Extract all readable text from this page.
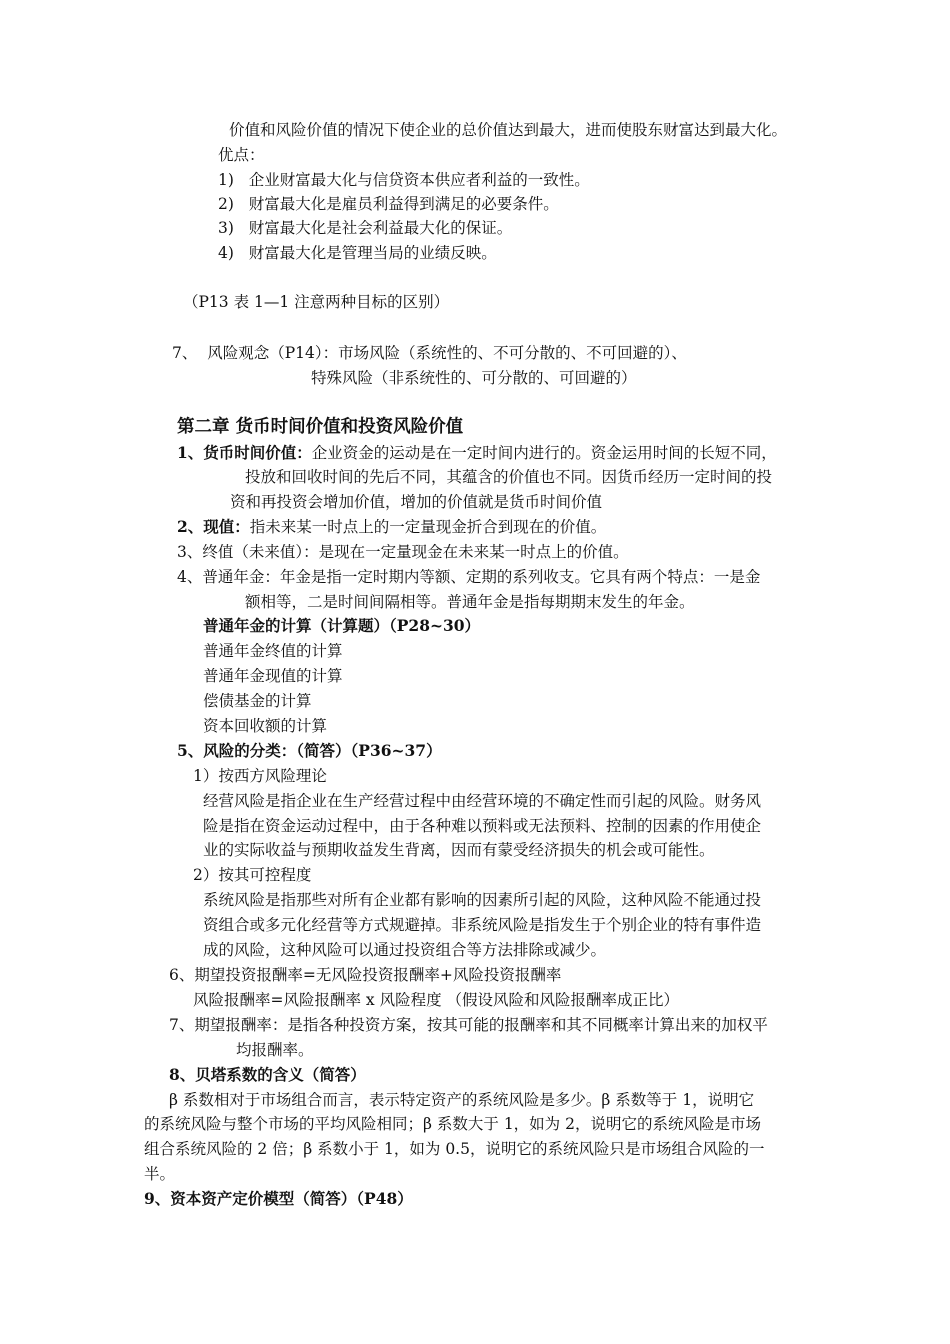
价值和风险价值的情况下使企业的总价值达到最大，进而使股东财富达到最大化。
优点：
1)   企业财富最大化与信贷资本供应者利益的一致性。
2)   财富最大化是雇员利益得到满足的必要条件。
3)   财富最大化是社会利益最大化的保证。
4)   财富最大化是管理当局的业绩反映。
（P13 表 1—1 注意两种目标的区别）
7、  风险观念（P14）：市场风险（系统性的、不可分散的、不可回避的）、
特殊风险（非系统性的、可分散的、可回避的）
第二章 货币时间价值和投资风险价值
1、货币时间价值：企业资金的运动是在一定时间内进行的。资金运用时间的长短不同，
投放和回收时间的先后不同，其蕴含的价值也不同。因货币经历一定时间的投
资和再投资会增加价值，增加的价值就是货币时间价值
2、现值：指未来某一时点上的一定量现金折合到现在的价值。
3、终值（未来值）：是现在一定量现金在未来某一时点上的价值。
4、普通年金：年金是指一定时期内等额、定期的系列收支。它具有两个特点：一是金
额相等，二是时间间隔相等。普通年金是指每期期末发生的年金。
普通年金的计算（计算题）（P28~30）
普通年金终值的计算
普通年金现值的计算
偿债基金的计算
资本回收额的计算
5、风险的分类：（简答）（P36~37）
1）按西方风险理论
经营风险是指企业在生产经营过程中由经营环境的不确定性而引起的风险。财务风
险是指在资金运动过程中，由于各种难以预料或无法预料、控制的因素的作用使企
业的实际收益与预期收益发生背离，因而有蒙受经济损失的机会或可能性。
2）按其可控程度
系统风险是指那些对所有企业都有影响的因素所引起的风险，这种风险不能通过投
资组合或多元化经营等方式规避掉。非系统风险是指发生于个别企业的特有事件造
成的风险，这种风险可以通过投资组合等方法排除或减少。
6、期望投资报酬率=无风险投资报酬率+风险投资报酬率
风险报酬率=风险报酬率 x 风险程度 （假设风险和风险报酬率成正比）
7、期望报酬率：是指各种投资方案，按其可能的报酬率和其不同概率计算出来的加权平
均报酬率。
8、贝塔系数的含义（简答）
β 系数相对于市场组合而言，表示特定资产的系统风险是多少。β 系数等于 1，说明它
的系统风险与整个市场的平均风险相同；β 系数大于 1，如为 2，说明它的系统风险是市场
组合系统风险的 2 倍；β 系数小于 1，如为 0.5，说明它的系统风险只是市场组合风险的一
半。
9、资本资产定价模型（简答）（P48）
